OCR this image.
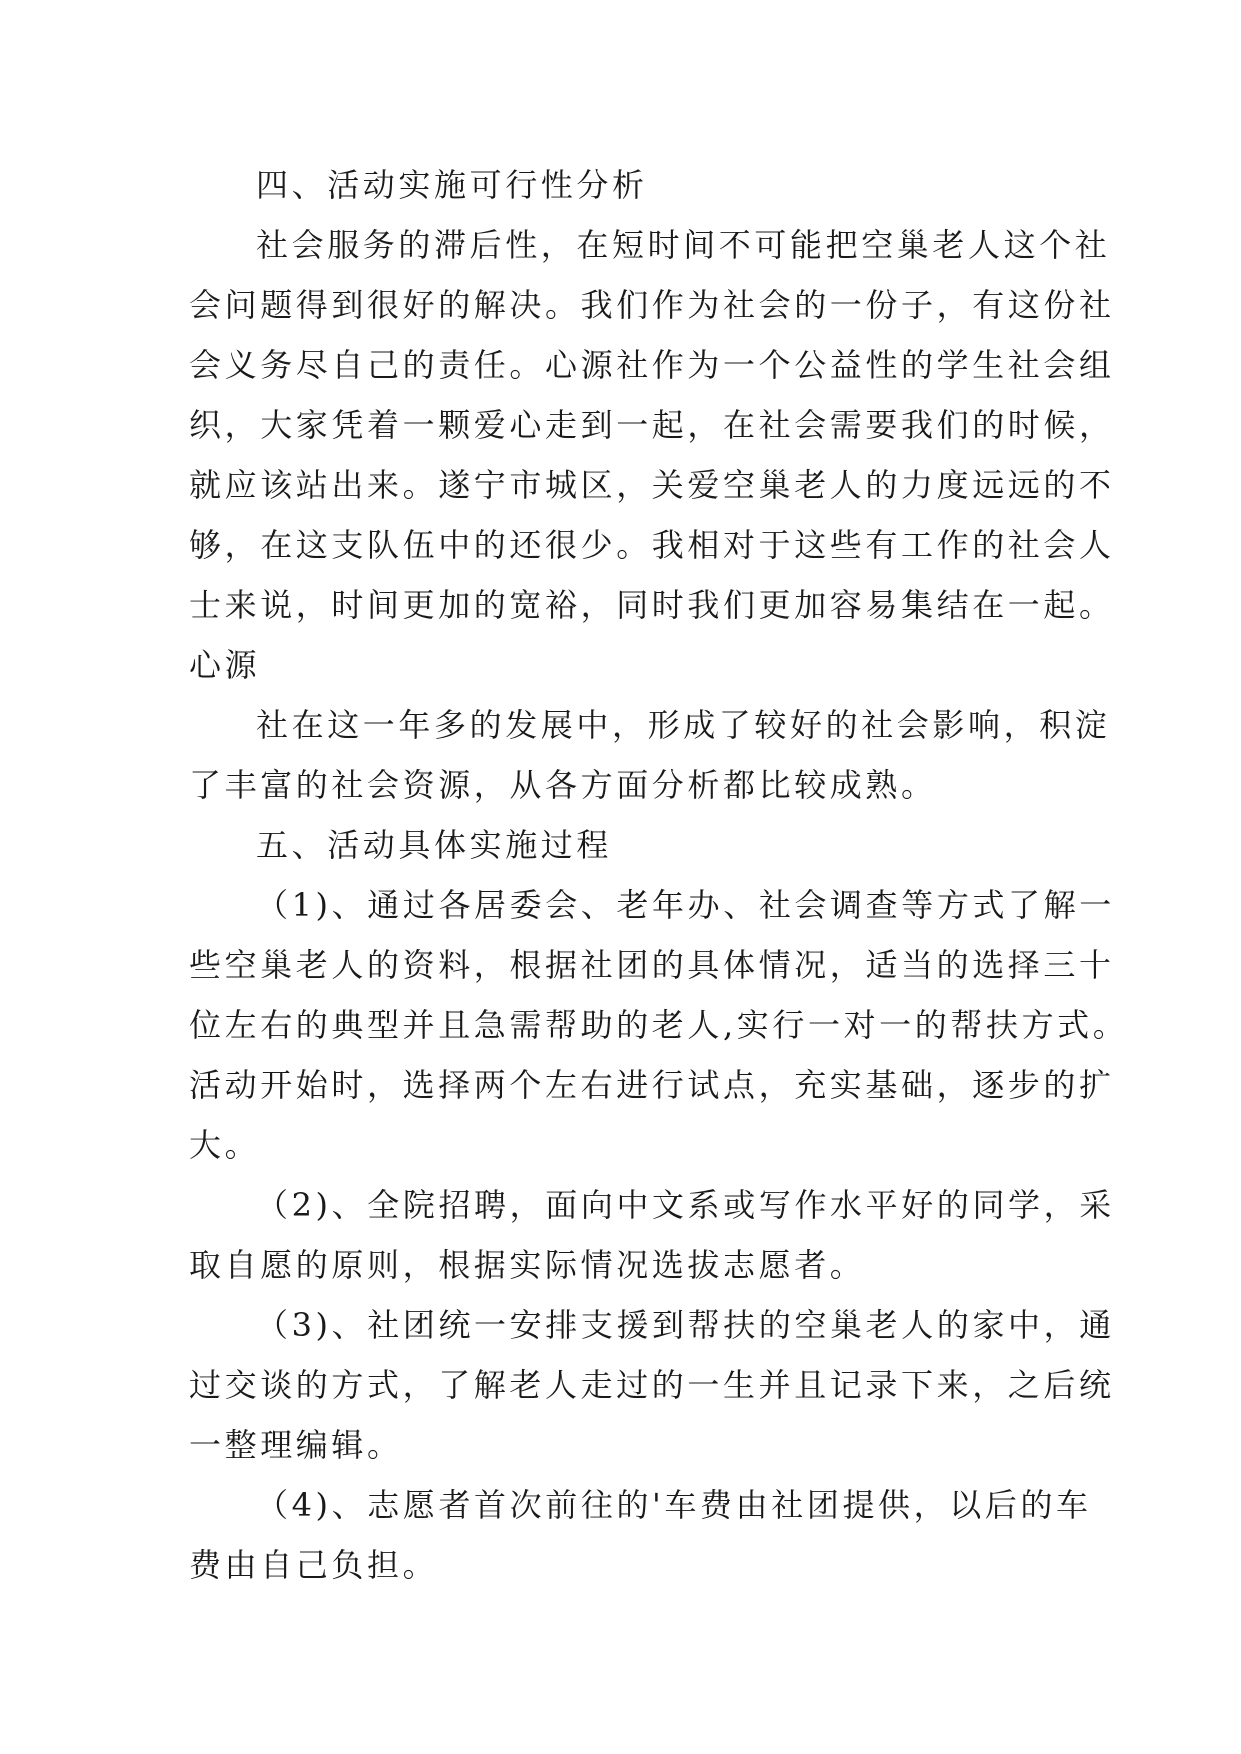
四、活动实施可行性分析
社会服务的滞后性，在短时间不可能把空巢老人这个社
会问题得到很好的解决。我们作为社会的一份子，有这份社
会义务尽自己的责任。心源社作为一个公益性的学生社会组
织，大家凭着一颗爱心走到一起，在社会需要我们的时候，
就应该站出来。遂宁市城区，关爱空巢老人的力度远远的不
够，在这支队伍中的还很少。我相对于这些有工作的社会人
士来说，时间更加的宽裕，同时我们更加容易集结在一起。
心源
社在这一年多的发展中，形成了较好的社会影响，积淀
了丰富的社会资源，从各方面分析都比较成熟。
五、活动具体实施过程
（1)、通过各居委会、老年办、社会调查等方式了解一
些空巢老人的资料，根据社团的具体情况，适当的选择三十
位左右的典型并且急需帮助的老人,实行一对一的帮扶方式。
活动开始时，选择两个左右进行试点，充实基础，逐步的扩
大。
（2)、全院招聘，面向中文系或写作水平好的同学，采
取自愿的原则，根据实际情况选拔志愿者。
（3)、社团统一安排支援到帮扶的空巢老人的家中，通
过交谈的方式，了解老人走过的一生并且记录下来，之后统
一整理编辑。
（4)、志愿者首次前往的'车费由社团提供，以后的车
费由自己负担。
